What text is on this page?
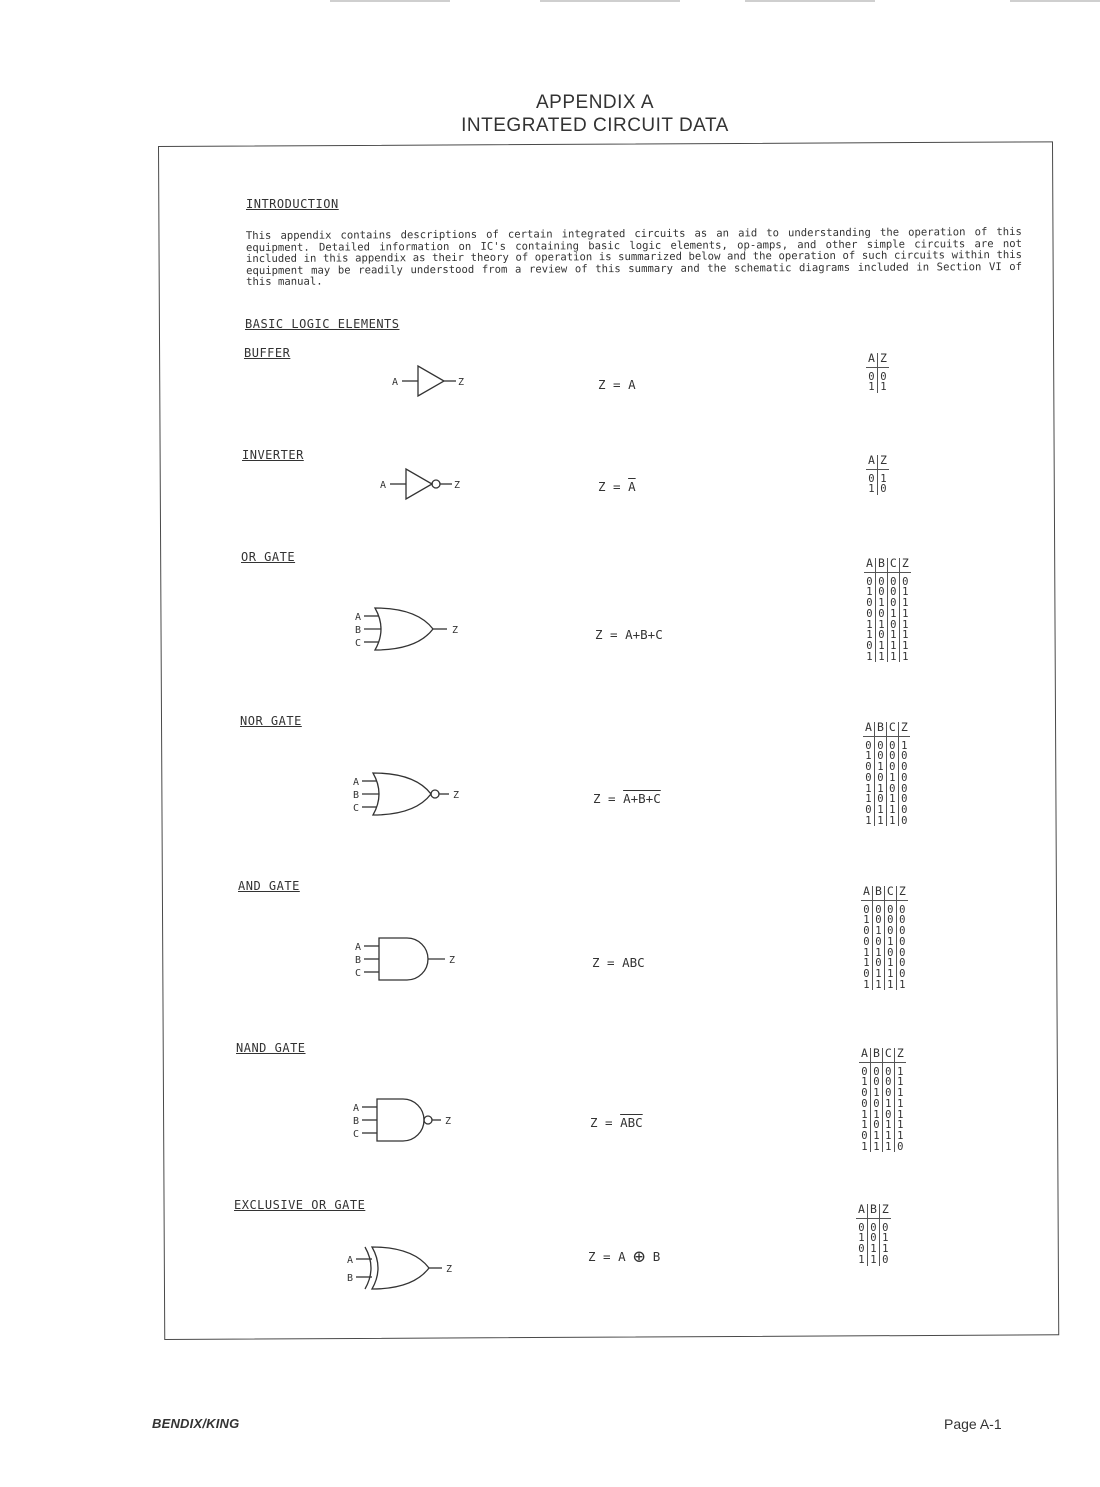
APPENDIX A
INTEGRATED CIRCUIT DATA
INTRODUCTION
This appendix contains descriptions of certain integrated circuits as an aid to understanding the operation of this equipment. Detailed information on IC's containing basic logic elements, op-amps, and other simple circuits are not included in this appendix as their theory of operation is summarized below and the operation of such circuits within this equipment may be readily understood from a review of this summary and the schematic diagrams included in Section VI of this manual.
BASIC LOGIC ELEMENTS
BUFFER
A	Z	Z = A
A	Z
0	0
1	1
INVERTER
A	Z	$Z = \overline{A}$
A	Z
0	1
1	0
OR GATE
A
B
C
Z	Z = A+B+C
A	B	C	Z
0	0	0	0
1	0	0	1
0	1	0	1
0	0	1	1
1	1	0	1
1	0	1	1
0	1	1	1
1	1	1	1
NOR GATE
A
B
C
Z	Z = A+B+C
A	B	C	Z
0	0	0	1
1	0	0	0
0	1	0	0
0	0	1	0
1	1	0	0
1	0	1	0
0	1	1	0
1	1	1	0
AND GATE
A
B
C
Z	Z = ABC
A	B	C	Z
0	0	0	0
1	0	0	0
0	1	0	0
0	0	1	0
1	1	0	0
1	0	1	0
0	1	1	0
1	1	1	1
NAND GATE
A
B
C
Z	$Z = \overline{ABC}$
A	B	C	Z
0	0	0	1
1	0	0	1
0	1	0	1
0	0	1	1
1	1	0	1
1	0	1	1
0	1	1	1
1	1	1	0
EXCLUSIVE OR GATE
A
B
Z
Z = A ⊕ B
A	B	Z
0	0	0
1	0	1
0	1	1
1	1	0
BENDIX/KING	Page A-1
